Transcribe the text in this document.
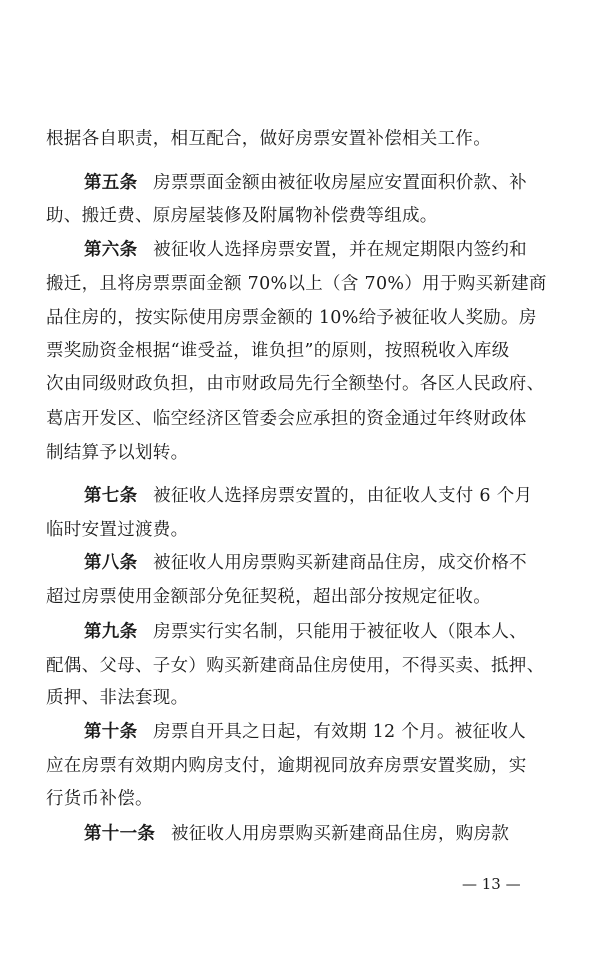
根据各自职责，相互配合，做好房票安置补偿相关工作。
第五条 房票票面金额由被征收房屋应安置面积价款、补
助、搬迁费、原房屋装修及附属物补偿费等组成。
第六条 被征收人选择房票安置，并在规定期限内签约和
搬迁，且将房票票面金额 70%以上（含 70%）用于购买新建商
品住房的，按实际使用房票金额的 10%给予被征收人奖励。房
票奖励资金根据“谁受益，谁负担”的原则，按照税收入库级
次由同级财政负担，由市财政局先行全额垫付。各区人民政府、
葛店开发区、临空经济区管委会应承担的资金通过年终财政体
制结算予以划转。
第七条 被征收人选择房票安置的，由征收人支付 6 个月
临时安置过渡费。
第八条 被征收人用房票购买新建商品住房，成交价格不
超过房票使用金额部分免征契税，超出部分按规定征收。
第九条 房票实行实名制，只能用于被征收人（限本人、
配偶、父母、子女）购买新建商品住房使用，不得买卖、抵押、
质押、非法套现。
第十条 房票自开具之日起，有效期 12 个月。被征收人
应在房票有效期内购房支付，逾期视同放弃房票安置奖励，实
行货币补偿。
第十一条 被征收人用房票购买新建商品住房，购房款
— 13 —
